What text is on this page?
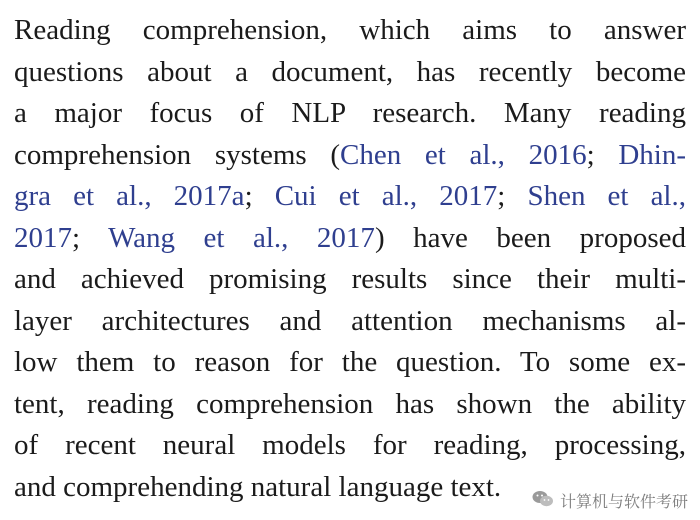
Reading comprehension, which aims to answer
questions about a document, has recently become
a major focus of NLP research. Many reading
comprehension systems (Chen et al., 2016; Dhin-
gra et al., 2017a; Cui et al., 2017; Shen et al.,
2017; Wang et al., 2017) have been proposed
and achieved promising results since their multi-
layer architectures and attention mechanisms al-
low them to reason for the question. To some ex-
tent, reading comprehension has shown the ability
of recent neural models for reading, processing,
and comprehending natural language text.	计算机与软件考研
